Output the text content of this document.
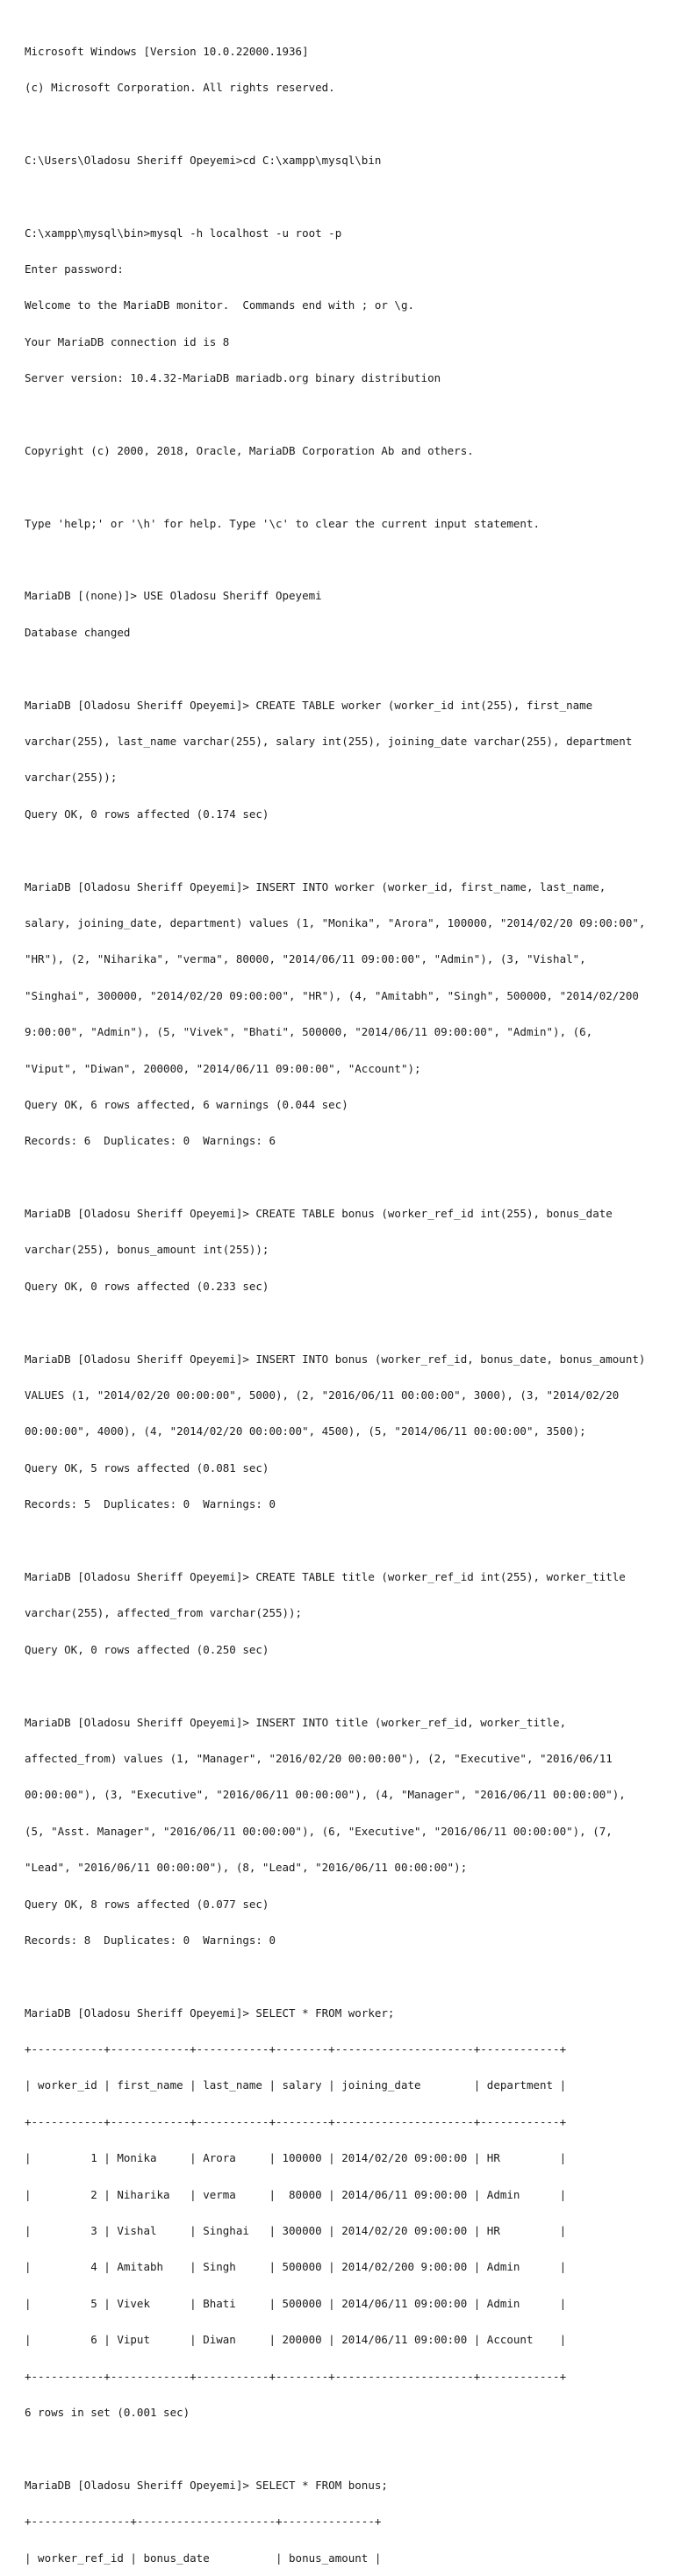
Microsoft Windows [Version 10.0.22000.1936]

(c) Microsoft Corporation. All rights reserved.

C:\Users\Oladosu Sheriff Opeyemi>cd C:\xampp\mysql\bin

C:\xampp\mysql\bin>mysql -h localhost -u root -p

Enter password:

Welcome to the MariaDB monitor.  Commands end with ; or \g.

Your MariaDB connection id is 8

Server version: 10.4.32-MariaDB mariadb.org binary distribution

Copyright (c) 2000, 2018, Oracle, MariaDB Corporation Ab and others.

Type 'help;' or '\h' for help. Type '\c' to clear the current input statement.

MariaDB [(none)]> USE Oladosu Sheriff Opeyemi

Database changed

MariaDB [Oladosu Sheriff Opeyemi]> CREATE TABLE worker (worker_id int(255), first_name

varchar(255), last_name varchar(255), salary int(255), joining_date varchar(255), department

varchar(255));

Query OK, 0 rows affected (0.174 sec)

MariaDB [Oladosu Sheriff Opeyemi]> INSERT INTO worker (worker_id, first_name, last_name,

salary, joining_date, department) values (1, "Monika", "Arora", 100000, "2014/02/20 09:00:00",

"HR"), (2, "Niharika", "verma", 80000, "2014/06/11 09:00:00", "Admin"), (3, "Vishal",

"Singhai", 300000, "2014/02/20 09:00:00", "HR"), (4, "Amitabh", "Singh", 500000, "2014/02/200

9:00:00", "Admin"), (5, "Vivek", "Bhati", 500000, "2014/06/11 09:00:00", "Admin"), (6,

"Viput", "Diwan", 200000, "2014/06/11 09:00:00", "Account");

Query OK, 6 rows affected, 6 warnings (0.044 sec)

Records: 6  Duplicates: 0  Warnings: 6

MariaDB [Oladosu Sheriff Opeyemi]> CREATE TABLE bonus (worker_ref_id int(255), bonus_date

varchar(255), bonus_amount int(255));

Query OK, 0 rows affected (0.233 sec)

MariaDB [Oladosu Sheriff Opeyemi]> INSERT INTO bonus (worker_ref_id, bonus_date, bonus_amount)

VALUES (1, "2014/02/20 00:00:00", 5000), (2, "2016/06/11 00:00:00", 3000), (3, "2014/02/20

00:00:00", 4000), (4, "2014/02/20 00:00:00", 4500), (5, "2014/06/11 00:00:00", 3500);

Query OK, 5 rows affected (0.081 sec)

Records: 5  Duplicates: 0  Warnings: 0

MariaDB [Oladosu Sheriff Opeyemi]> CREATE TABLE title (worker_ref_id int(255), worker_title

varchar(255), affected_from varchar(255));

Query OK, 0 rows affected (0.250 sec)

MariaDB [Oladosu Sheriff Opeyemi]> INSERT INTO title (worker_ref_id, worker_title,

affected_from) values (1, "Manager", "2016/02/20 00:00:00"), (2, "Executive", "2016/06/11

00:00:00"), (3, "Executive", "2016/06/11 00:00:00"), (4, "Manager", "2016/06/11 00:00:00"),

(5, "Asst. Manager", "2016/06/11 00:00:00"), (6, "Executive", "2016/06/11 00:00:00"), (7,

"Lead", "2016/06/11 00:00:00"), (8, "Lead", "2016/06/11 00:00:00");

Query OK, 8 rows affected (0.077 sec)

Records: 8  Duplicates: 0  Warnings: 0

MariaDB [Oladosu Sheriff Opeyemi]> SELECT * FROM worker;

+-----------+------------+-----------+--------+---------------------+------------+

| worker_id | first_name | last_name | salary | joining_date        | department |

+-----------+------------+-----------+--------+---------------------+------------+

|         1 | Monika     | Arora     | 100000 | 2014/02/20 09:00:00 | HR         |

|         2 | Niharika   | verma     |  80000 | 2014/06/11 09:00:00 | Admin      |

|         3 | Vishal     | Singhai   | 300000 | 2014/02/20 09:00:00 | HR         |

|         4 | Amitabh    | Singh     | 500000 | 2014/02/200 9:00:00 | Admin      |

|         5 | Vivek      | Bhati     | 500000 | 2014/06/11 09:00:00 | Admin      |

|         6 | Viput      | Diwan     | 200000 | 2014/06/11 09:00:00 | Account    |

+-----------+------------+-----------+--------+---------------------+------------+

6 rows in set (0.001 sec)

MariaDB [Oladosu Sheriff Opeyemi]> SELECT * FROM bonus;

+---------------+---------------------+--------------+

| worker_ref_id | bonus_date          | bonus_amount |
